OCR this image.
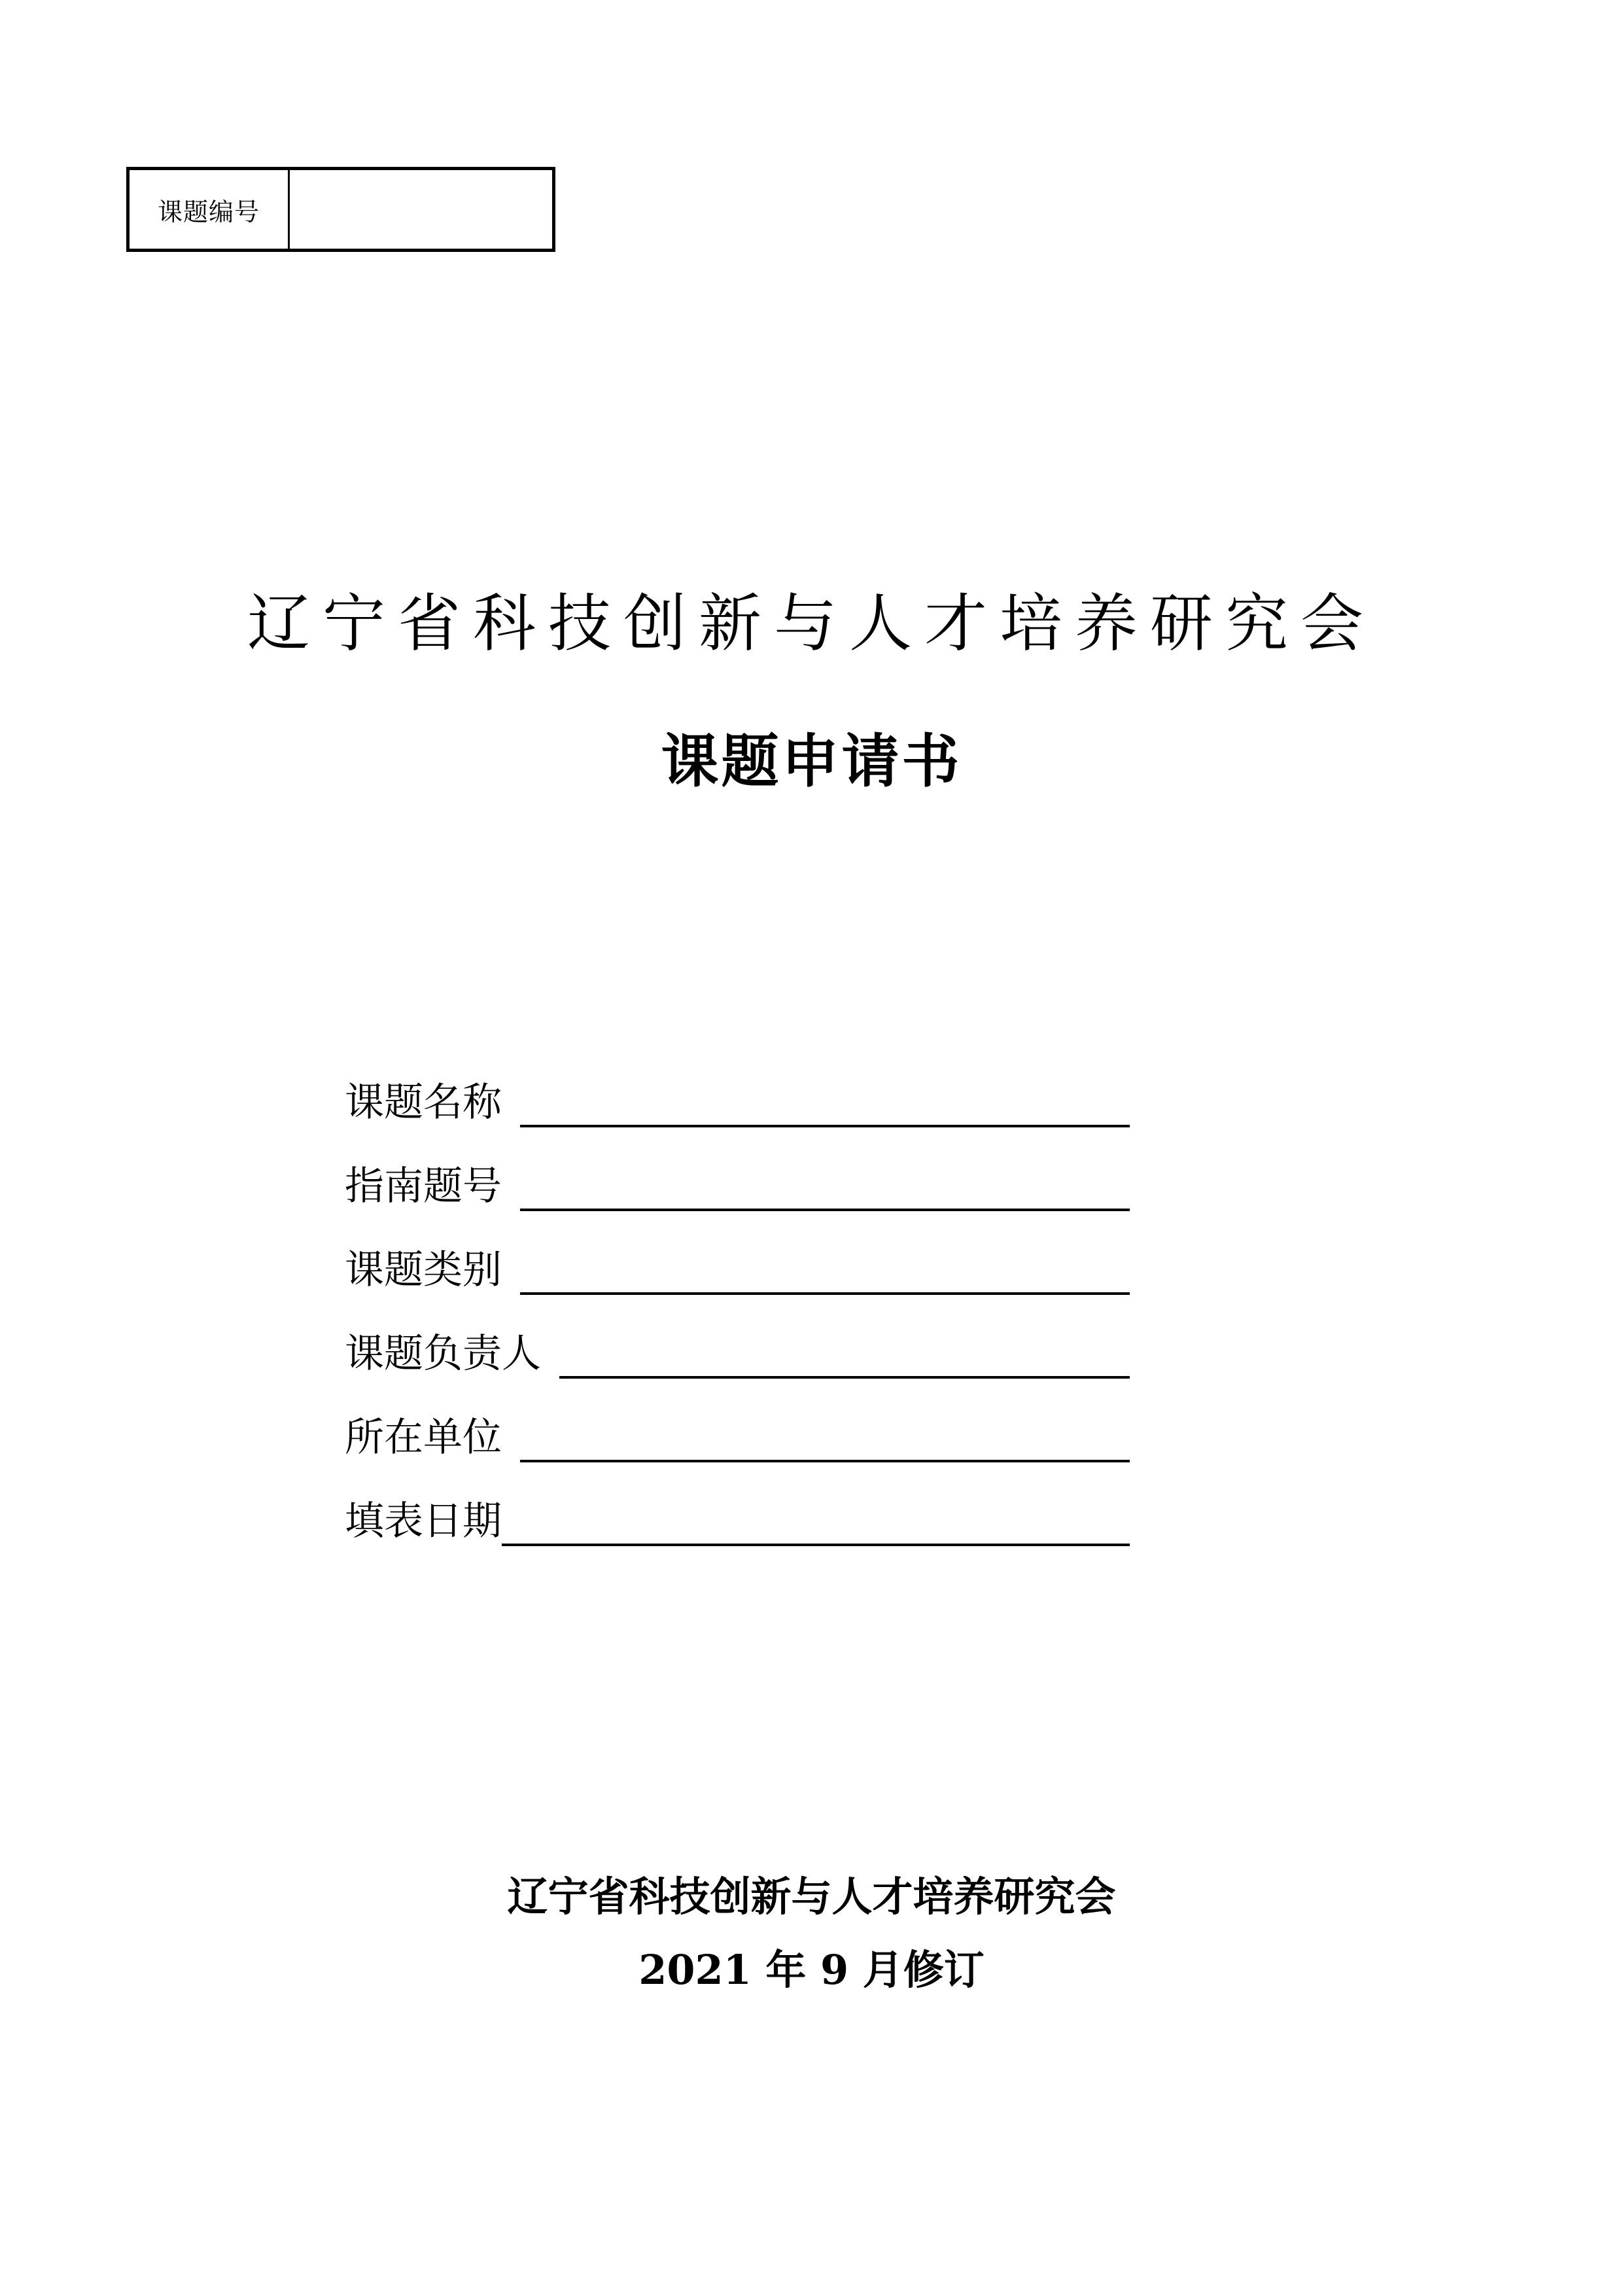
课题编号
辽宁省科技创新与人才培养研究会
课题申请书
课题名称
指南题号
课题类别
课题负责人
所在单位
填表日期
辽宁省科技创新与人才培养研究会
2021 年 9 月修订
